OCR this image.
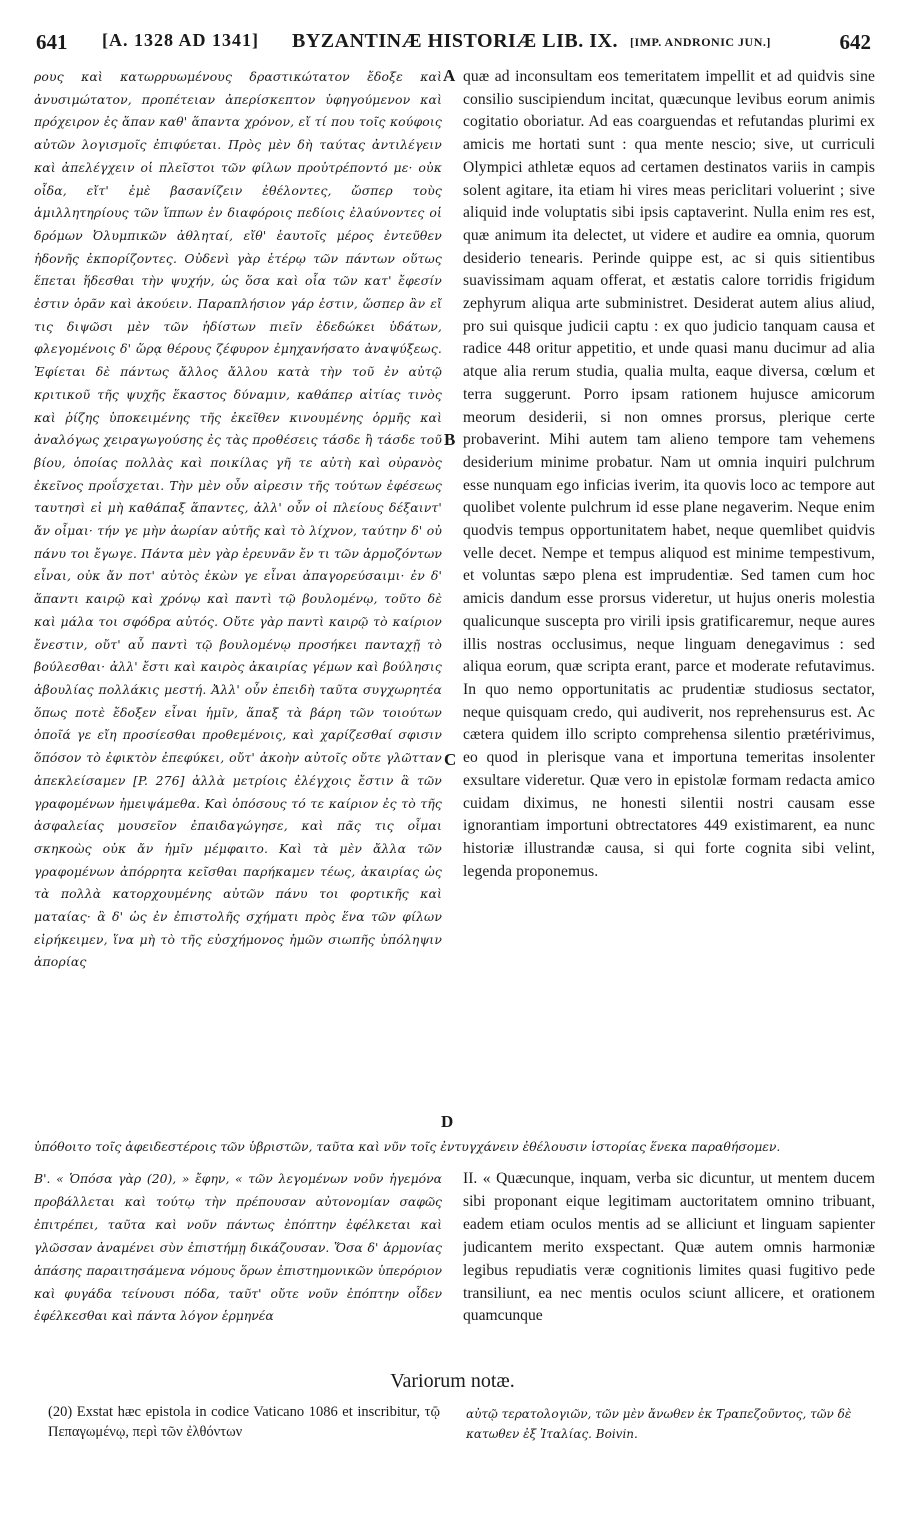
641 [A. 1328 AD 1341] BYZANTINÆ HISTORIÆ LIB. IX. [IMP. ANDRONIC JUN.]	642

ρους καὶ κατωρρυωμένους δραστικώτατον ἔδοξε καὶ ἀνυσιμώτατον, προπέτειαν ἀπερίσκεπτον ὑφηγούμενον καὶ πρόχειρον ἐς ἅπαν καθ' ἅπαντα χρόνον, εἴ τί που τοῖς κούφοις αὐτῶν λογισμοῖς ἐπιφύεται. Πρὸς μὲν δὴ ταύτας ἀντιλέγειν καὶ ἀπελέγχειν οἱ πλεῖστοι τῶν φίλων προὐτρέποντό με· οὐκ οἶδα, εἴτ' ἐμὲ βασανίζειν ἐθέλοντες, ὥσπερ τοὺς ἁμιλλητηρίους τῶν ἵππων ἐν διαφόροις πεδίοις ἐλαύνοντες οἱ δρόμων Ὀλυμπικῶν ἀθληταί, εἴθ' ἑαυτοῖς μέρος ἐντεῦθεν ἡδονῆς ἐκπορίζοντες. Οὐδενὶ γὰρ ἑτέρῳ τῶν πάντων οὕτως ἕπεται ἥδεσθαι τὴν ψυχήν, ὡς ὅσα καὶ οἷα τῶν κατ' ἔφεσίν ἐστιν ὁρᾶν καὶ ἀκούειν. Παραπλήσιον γάρ ἐστιν, ὥσπερ ἂν εἴ τις διψῶσι μὲν τῶν ἡδίστων πιεῖν ἐδεδώκει ὑδάτων, φλεγομένοις δ' ὥρᾳ θέρους ζέφυρον ἐμηχανήσατο ἀναψύξεως. Ἐφίεται δὲ πάντως ἄλλος ἄλλου κατὰ τὴν τοῦ ἐν αὐτῷ κριτικοῦ τῆς ψυχῆς ἕκαστος δύναμιν, καθάπερ αἰτίας τινὸς καὶ ῥίζης ὑποκειμένης τῆς ἐκεῖθεν κινουμένης ὁρμῆς καὶ ἀναλόγως χειραγωγούσης ἐς τὰς προθέσεις τάσδε ἢ τάσδε τοῦ βίου, ὁποίας πολλὰς καὶ ποικίλας γῆ τε αὐτὴ καὶ οὐρανὸς ἐκεῖνος προΐσχεται. Τὴν μὲν οὖν αἰρεσιν τῆς τούτων ἐφέσεως ταυτησὶ εἰ μὴ καθάπαξ ἅπαντες, ἀλλ' οὖν οἱ πλείους δέξαιντ' ἄν οἶμαι· τήν γε μὴν ἀωρίαν αὐτῆς καὶ τὸ λίχνον, ταύτην δ' οὐ πάνυ τοι ἔγωγε. Πάντα μὲν γὰρ ἐρευνᾶν ἔν τι τῶν ἁρμοζόντων εἶναι, οὐκ ἄν ποτ' αὐτὸς ἑκὼν γε εἶναι ἀπαγορεύσαιμι· ἐν δ' ἅπαντι καιρῷ καὶ χρόνῳ καὶ παντὶ τῷ βουλομένῳ, τοῦτο δὲ καὶ μάλα τοι σφόδρα αὐτός. Οὔτε γὰρ παντὶ καιρῷ τὸ καίριον ἔνεστιν, οὔτ' αὖ παντὶ τῷ βουλομένῳ προσήκει πανταχῇ τὸ βούλεσθαι· ἀλλ' ἔστι καὶ καιρὸς ἀκαιρίας γέμων καὶ βούλησις ἀβουλίας πολλάκις μεστή. Ἀλλ' οὖν ἐπειδὴ ταῦτα συγχωρητέα ὅπως ποτὲ ἔδοξεν εἶναι ἡμῖν, ἅπαξ τὰ βάρη τῶν τοιούτων ὁποῖά γε εἴη προσίεσθαι προθεμένοις, καὶ χαρίζεσθαί σφισιν ὅπόσον τὸ ἐφικτὸν ἐπεφύκει, οὔτ' ἀκοὴν αὐτοῖς οὔτε γλῶτταν ἀπεκλείσαμεν [P. 276] ἀλλὰ μετρίοις ἐλέγχοις ἔστιν ἃ τῶν γραφομένων ἠμειψάμεθα. Καὶ ὁπόσους τό τε καίριον ἐς τὸ τῆς ἀσφαλείας μουσεῖον ἐπαιδαγώγησε, καὶ πᾶς τις οἶμαι σκηκοὼς οὐκ ἄν ἡμῖν μέμφαιτο. Καὶ τὰ μὲν ἄλλα τῶν γραφομένων ἀπόρρητα κεῖσθαι παρήκαμεν τέως, ἀκαιρίας ὡς τὰ πολλὰ κατορχουμένης αὐτῶν πάνυ τοι φορτικῆς καὶ ματαίας· ἃ δ' ὡς ἐν ἐπιστολῆς σχήματι πρὸς ἕνα τῶν φίλων εἰρήκειμεν, ἵνα μὴ τὸ τῆς εὐσχήμονος ἡμῶν σιωπῆς ὑπόληψιν ἀπορίας

A
B
C
D

quæ ad inconsultam eos temeritatem impellit et ad quidvis sine consilio suscipiendum incitat, quæcunque levibus eorum animis cogitatio oboriatur. Ad eas coarguendas et refutandas plurimi ex amicis me hortati sunt : qua mente nescio; sive, ut curriculi Olympici athletæ equos ad certamen destinatos variis in campis solent agitare, ita etiam hi vires meas periclitari voluerint ; sive aliquid inde voluptatis sibi ipsis captaverint. Nulla enim res est, quæ animum ita delectet, ut videre et audire ea omnia, quorum desiderio tenearis. Perinde quippe est, ac si quis sitientibus suavissimam aquam offerat, et æstatis calore torridis frigidum zephyrum aliqua arte subministret. Desiderat autem alius aliud, pro sui quisque judicii captu : ex quo judicio tanquam causa et radice 448 oritur appetitio, et unde quasi manu ducimur ad alia atque alia rerum studia, qualia multa, eaque diversa, cœlum et terra suggerunt. Porro ipsam rationem hujusce amicorum meorum desiderii, si non omnes prorsus, plerique certe probaverint. Mihi autem tam alieno tempore tam vehemens desiderium minime probatur. Nam ut omnia inquiri pulchrum esse nunquam ego inficias iverim, ita quovis loco ac tempore aut quolibet volente pulchrum id esse plane negaverim. Neque enim quodvis tempus opportunitatem habet, neque quemlibet quidvis velle decet. Nempe et tempus aliquod est minime tempestivum, et voluntas sæpo plena est imprudentiæ. Sed tamen cum hoc amicis dandum esse prorsus videretur, ut hujus oneris molestia qualicunque suscepta pro virili ipsis gratificaremur, neque aures illis nostras occlusimus, neque linguam denegavimus : sed aliqua eorum, quæ scripta erant, parce et moderate refutavimus. In quo nemo opportunitatis ac prudentiæ studiosus sectator, neque quisquam credo, qui audiverit, nos reprehensurus est. Ac cætera quidem illo scripto comprehensa silentio prætérivimus, eo quod in plerisque vana et importuna temeritas insolenter exsultare videretur. Quæ vero in epistolæ formam redacta amico cuidam diximus, ne honesti silentii nostri causam esse ignorantiam importuni obtrectatores 449 existimarent, ea nunc historiæ illustrandæ causa, si qui forte cognita sibi velint, legenda proponemus.

ὑπόθοιτο τοῖς ἀφειδεστέροις τῶν ὑβριστῶν, ταῦτα καὶ νῦν τοῖς ἐντυγχάνειν ἐθέλουσιν ἱστορίας ἕνεκα παραθήσομεν.
Β'. « Ὁπόσα γὰρ (20), » ἔφην, « τῶν λεγομένων νοῦν ἡγεμόνα προβάλλεται καὶ τούτῳ τὴν πρέπουσαν αὐτονομίαν σαφῶς ἐπιτρέπει, ταῦτα καὶ νοῦν πάντως ἐπόπτην ἐφέλκεται καὶ γλῶσσαν ἀναμένει σὺν ἐπιστήμῃ δικάζουσαν. Ὅσα δ' ἁρμονίας ἁπάσης παραιτησάμενα νόμους ὅρων ἐπιστημονικῶν ὑπερόριον καὶ φυγάδα τείνουσι πόδα, ταῦτ' οὔτε νοῦν ἐπόπτην οἶδεν ἐφέλκεσθαι καὶ πάντα λόγον ἑρμηνέα
II. « Quæcunque, inquam, verba sic dicuntur, ut mentem ducem sibi proponant eique legitimam auctoritatem omnino tribuant, eadem etiam oculos mentis ad se alliciunt et linguam sapienter judicantem merito exspectant. Quæ autem omnis harmoniæ legibus repudiatis veræ cognitionis limites quasi fugitivo pede transiliunt, ea nec mentis oculos sciunt allicere, et orationem quamcunque
Variorum notæ.
(20) Exstat hæc epistola in codice Vaticano 1086 et inscribitur, τῷ Πεπαγωμένῳ, περὶ τῶν ἐλθόντων
αὐτῷ τερατολογιῶν, τῶν μὲν ἄνωθεν ἐκ Τραπεζοῦντος, τῶν δὲ κατωθεν ἐξ Ἰταλίας. Boivin.
